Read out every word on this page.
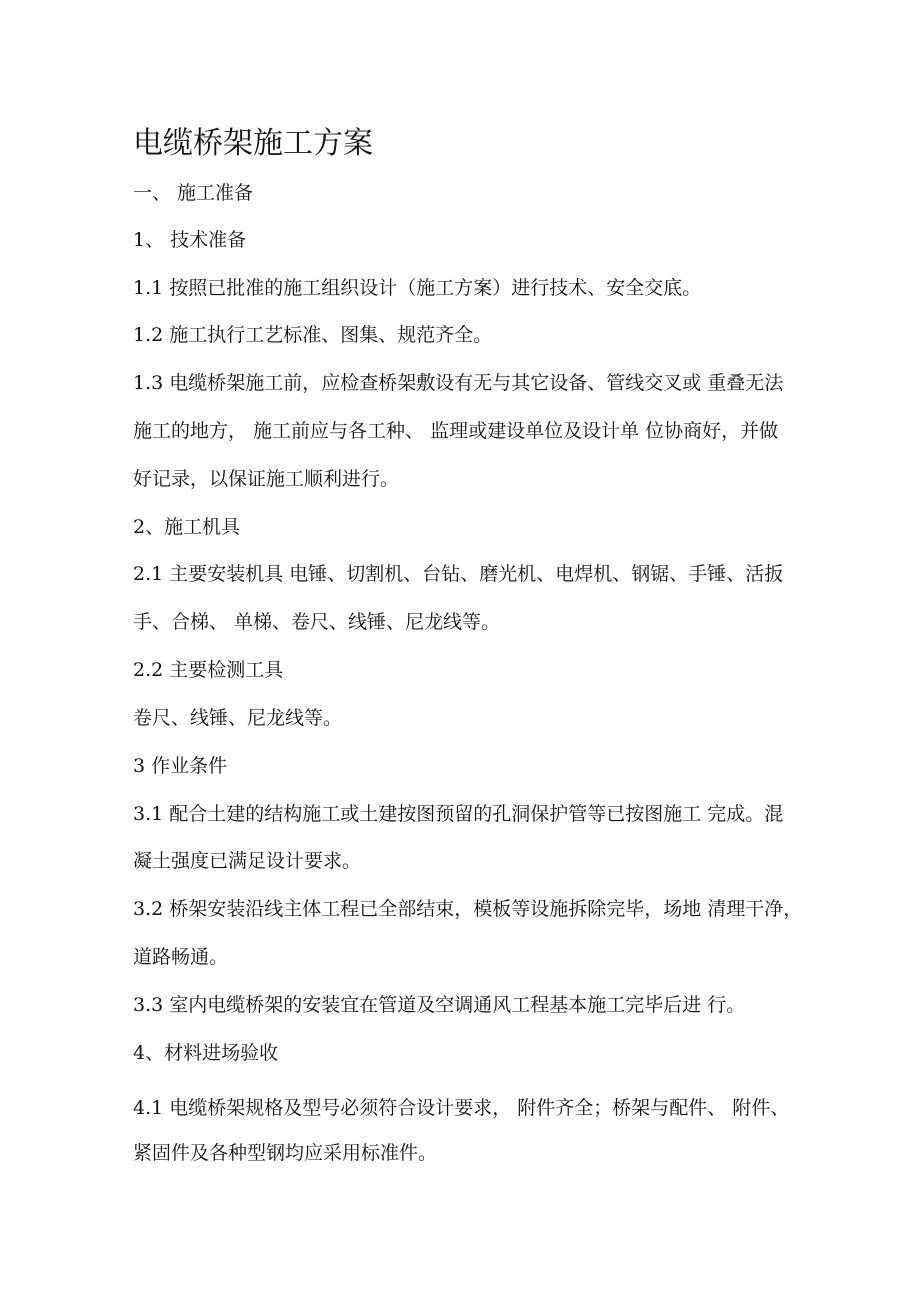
电缆桥架施工方案
一、 施工准备
1、 技术准备
1.1 按照已批准的施工组织设计（施工方案）进行技术、安全交底。
1.2 施工执行工艺标准、图集、规范齐全。
1.3 电缆桥架施工前，应检查桥架敷设有无与其它设备、管线交叉或 重叠无法
施工的地方， 施工前应与各工种、 监理或建设单位及设计单 位协商好，并做
好记录，以保证施工顺利进行。
2、施工机具
2.1 主要安装机具 电锤、切割机、台钻、磨光机、电焊机、钢锯、手锤、活扳
手、合梯、 单梯、卷尺、线锤、尼龙线等。
2.2 主要检测工具
卷尺、线锤、尼龙线等。
3 作业条件
3.1 配合土建的结构施工或土建按图预留的孔洞保护管等已按图施工 完成。混
凝土强度已满足设计要求。
3.2 桥架安装沿线主体工程已全部结束，模板等设施拆除完毕，场地 清理干净，
道路畅通。
3.3 室内电缆桥架的安装宜在管道及空调通风工程基本施工完毕后进 行。
4、材料进场验收
4.1 电缆桥架规格及型号必须符合设计要求， 附件齐全；桥架与配件、 附件、
紧固件及各种型钢均应采用标准件。
